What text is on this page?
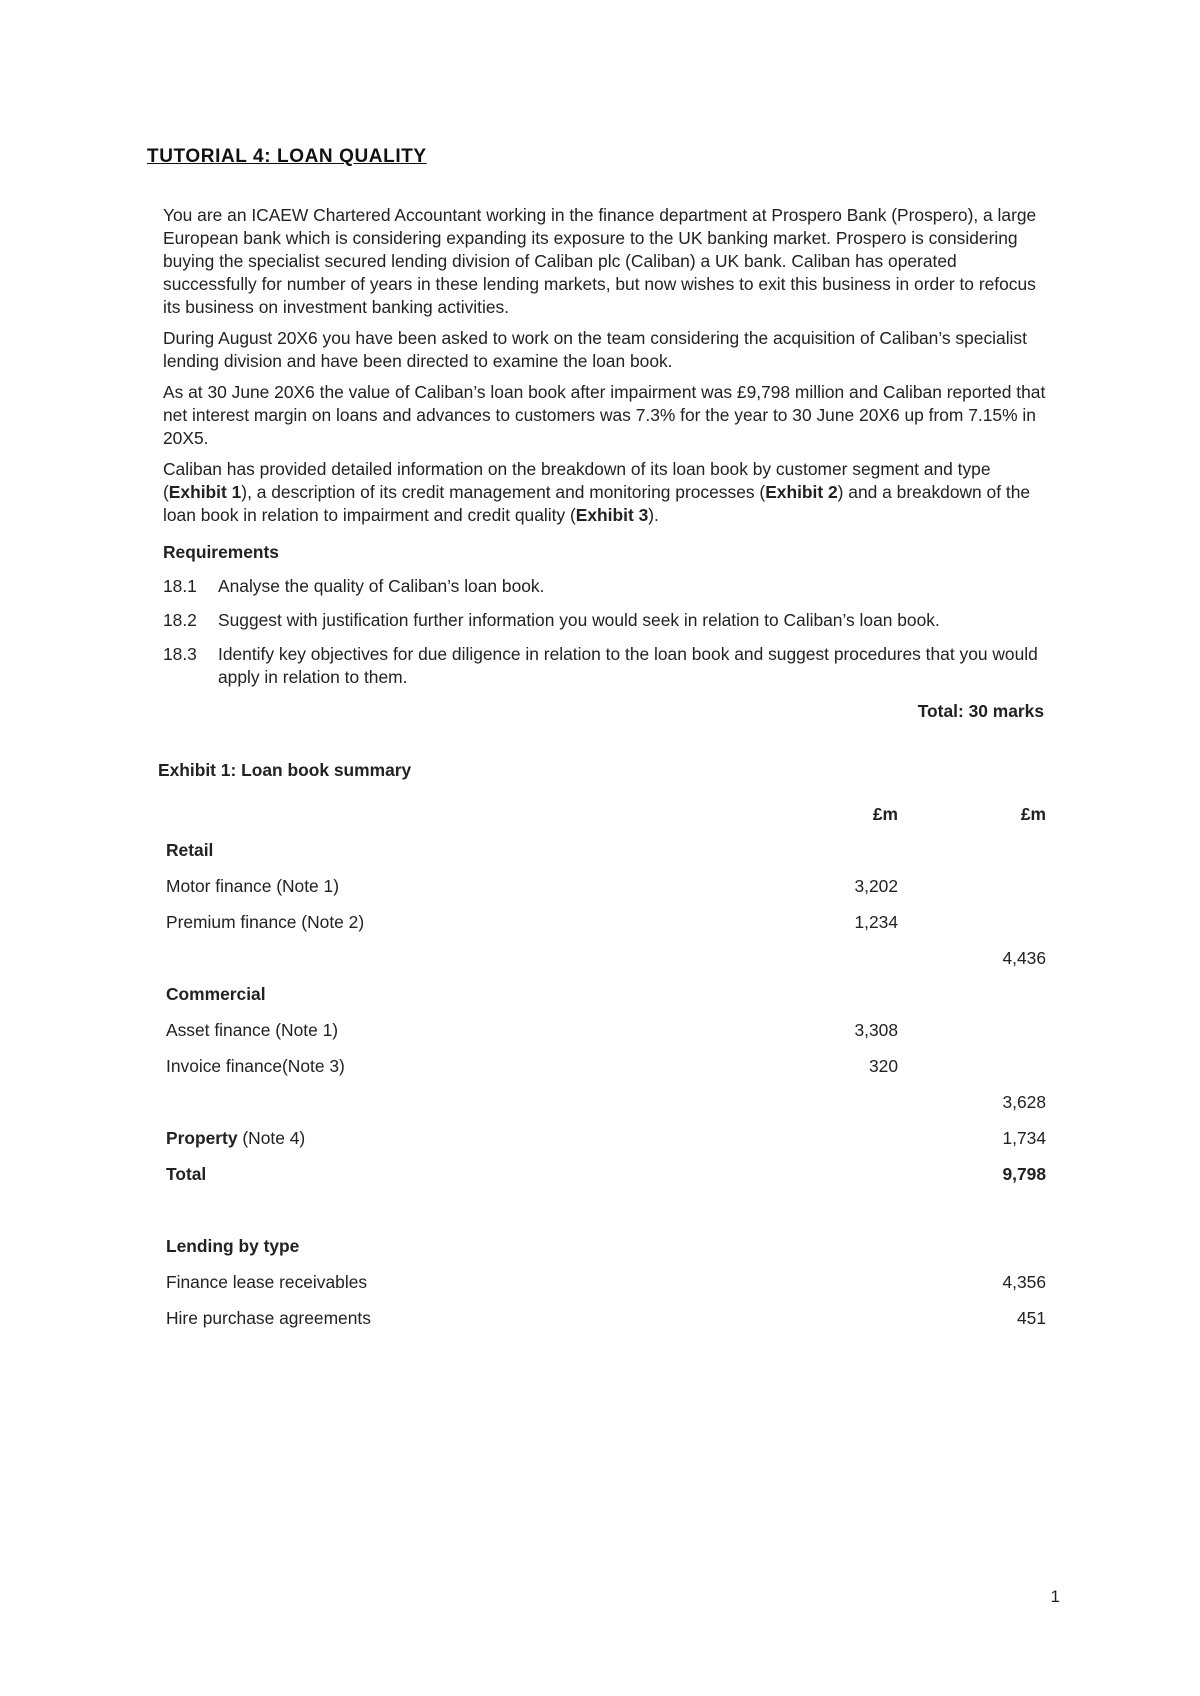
TUTORIAL 4: LOAN QUALITY

You are an ICAEW Chartered Accountant working in the finance department at Prospero Bank (Prospero), a large European bank which is considering expanding its exposure to the UK banking market. Prospero is considering buying the specialist secured lending division of Caliban plc (Caliban) a UK bank. Caliban has operated successfully for number of years in these lending markets, but now wishes to exit this business in order to refocus its business on investment banking activities.

During August 20X6 you have been asked to work on the team considering the acquisition of Caliban’s specialist lending division and have been directed to examine the loan book.

As at 30 June 20X6 the value of Caliban’s loan book after impairment was £9,798 million and Caliban reported that net interest margin on loans and advances to customers was 7.3% for the year to 30 June 20X6 up from 7.15% in 20X5.

Caliban has provided detailed information on the breakdown of its loan book by customer segment and type (Exhibit 1), a description of its credit management and monitoring processes (Exhibit 2) and a breakdown of the loan book in relation to impairment and credit quality (Exhibit 3).

Requirements
18.1	Analyse the quality of Caliban’s loan book.
18.2	Suggest with justification further information you would seek in relation to Caliban’s loan book.
18.3	Identify key objectives for due diligence in relation to the loan book and suggest procedures that you would apply in relation to them.
Total: 30 marks
Exhibit 1: Loan book summary
	£m	£m
Retail		
Motor finance (Note 1)	3,202	
Premium finance (Note 2)	1,234	
		4,436
Commercial		
Asset finance (Note 1)	3,308	
Invoice finance(Note 3)	320	
		3,628
Property (Note 4)		1,734
Total		9,798

Lending by type		
Finance lease receivables		4,356
Hire purchase agreements		451
1
